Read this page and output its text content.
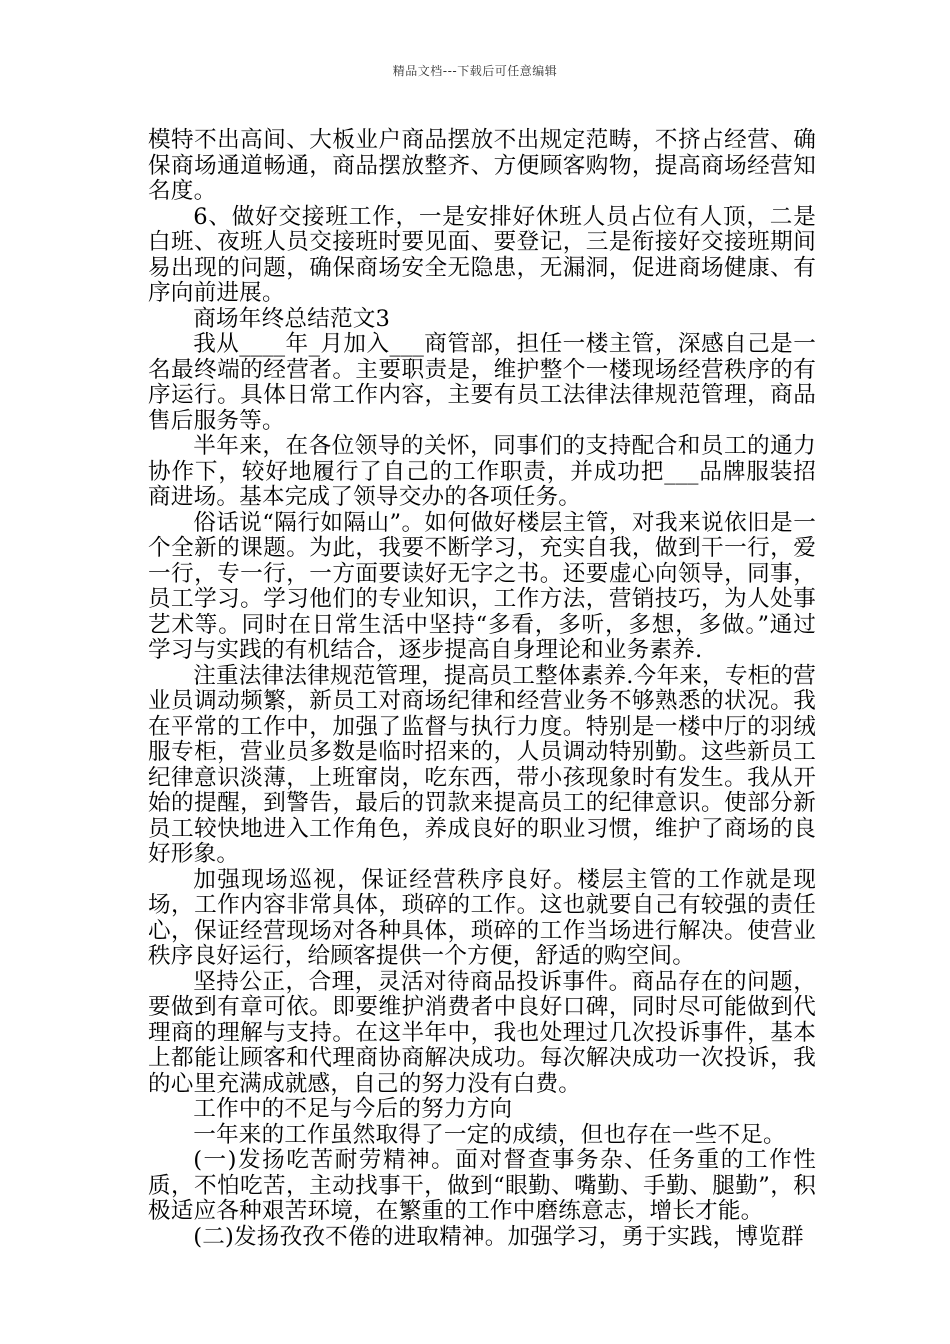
精品文档---下载后可任意编辑

模特不出高间、大板业户商品摆放不出规定范畴，不挤占经营、确保商场通道畅通，商品摆放整齐、方便顾客购物，提高商场经营知名度。

6、做好交接班工作，一是安排好休班人员占位有人顶，二是白班、夜班人员交接班时要见面、要登记，三是衔接好交接班期间易出现的问题，确保商场安全无隐患，无漏洞，促进商场健康、有序向前进展。

商场年终总结范文3

我从____年_月加入___商管部，担任一楼主管，深感自己是一名最终端的经营者。主要职责是，维护整个一楼现场经营秩序的有序运行。具体日常工作内容，主要有员工法律法律规范管理，商品售后服务等。

半年来，在各位领导的关怀，同事们的支持配合和员工的通力协作下，较好地履行了自己的工作职责，并成功把___品牌服装招商进场。基本完成了领导交办的各项任务。

俗话说“隔行如隔山”。如何做好楼层主管，对我来说依旧是一个全新的课题。为此，我要不断学习，充实自我，做到干一行，爱一行，专一行，一方面要读好无字之书。还要虚心向领导，同事，员工学习。学习他们的专业知识，工作方法，营销技巧，为人处事艺术等。同时在日常生活中坚持“多看，多听，多想，多做。”通过学习与实践的有机结合，逐步提高自身理论和业务素养.

注重法律法律规范管理，提高员工整体素养.今年来，专柜的营业员调动频繁，新员工对商场纪律和经营业务不够熟悉的状况。我在平常的工作中，加强了监督与执行力度。特别是一楼中厅的羽绒服专柜，营业员多数是临时招来的，人员调动特别勤。这些新员工纪律意识淡薄，上班窜岗，吃东西，带小孩现象时有发生。我从开始的提醒，到警告，最后的罚款来提高员工的纪律意识。使部分新员工较快地进入工作角色，养成良好的职业习惯，维护了商场的良好形象。

加强现场巡视，保证经营秩序良好。楼层主管的工作就是现场，工作内容非常具体，琐碎的工作。这也就要自己有较强的责任心，保证经营现场对各种具体，琐碎的工作当场进行解决。使营业秩序良好运行，给顾客提供一个方便，舒适的购空间。

坚持公正，合理，灵活对待商品投诉事件。商品存在的问题，要做到有章可依。即要维护消费者中良好口碑，同时尽可能做到代理商的理解与支持。在这半年中，我也处理过几次投诉事件，基本上都能让顾客和代理商协商解决成功。每次解决成功一次投诉，我的心里充满成就感，自己的努力没有白费。

工作中的不足与今后的努力方向

一年来的工作虽然取得了一定的成绩，但也存在一些不足。

(一)发扬吃苦耐劳精神。面对督查事务杂、任务重的工作性质，不怕吃苦，主动找事干，做到“眼勤、嘴勤、手勤、腿勤”，积极适应各种艰苦环境，在繁重的工作中磨练意志，增长才能。

(二)发扬孜孜不倦的进取精神。加强学习，勇于实践，博览群
